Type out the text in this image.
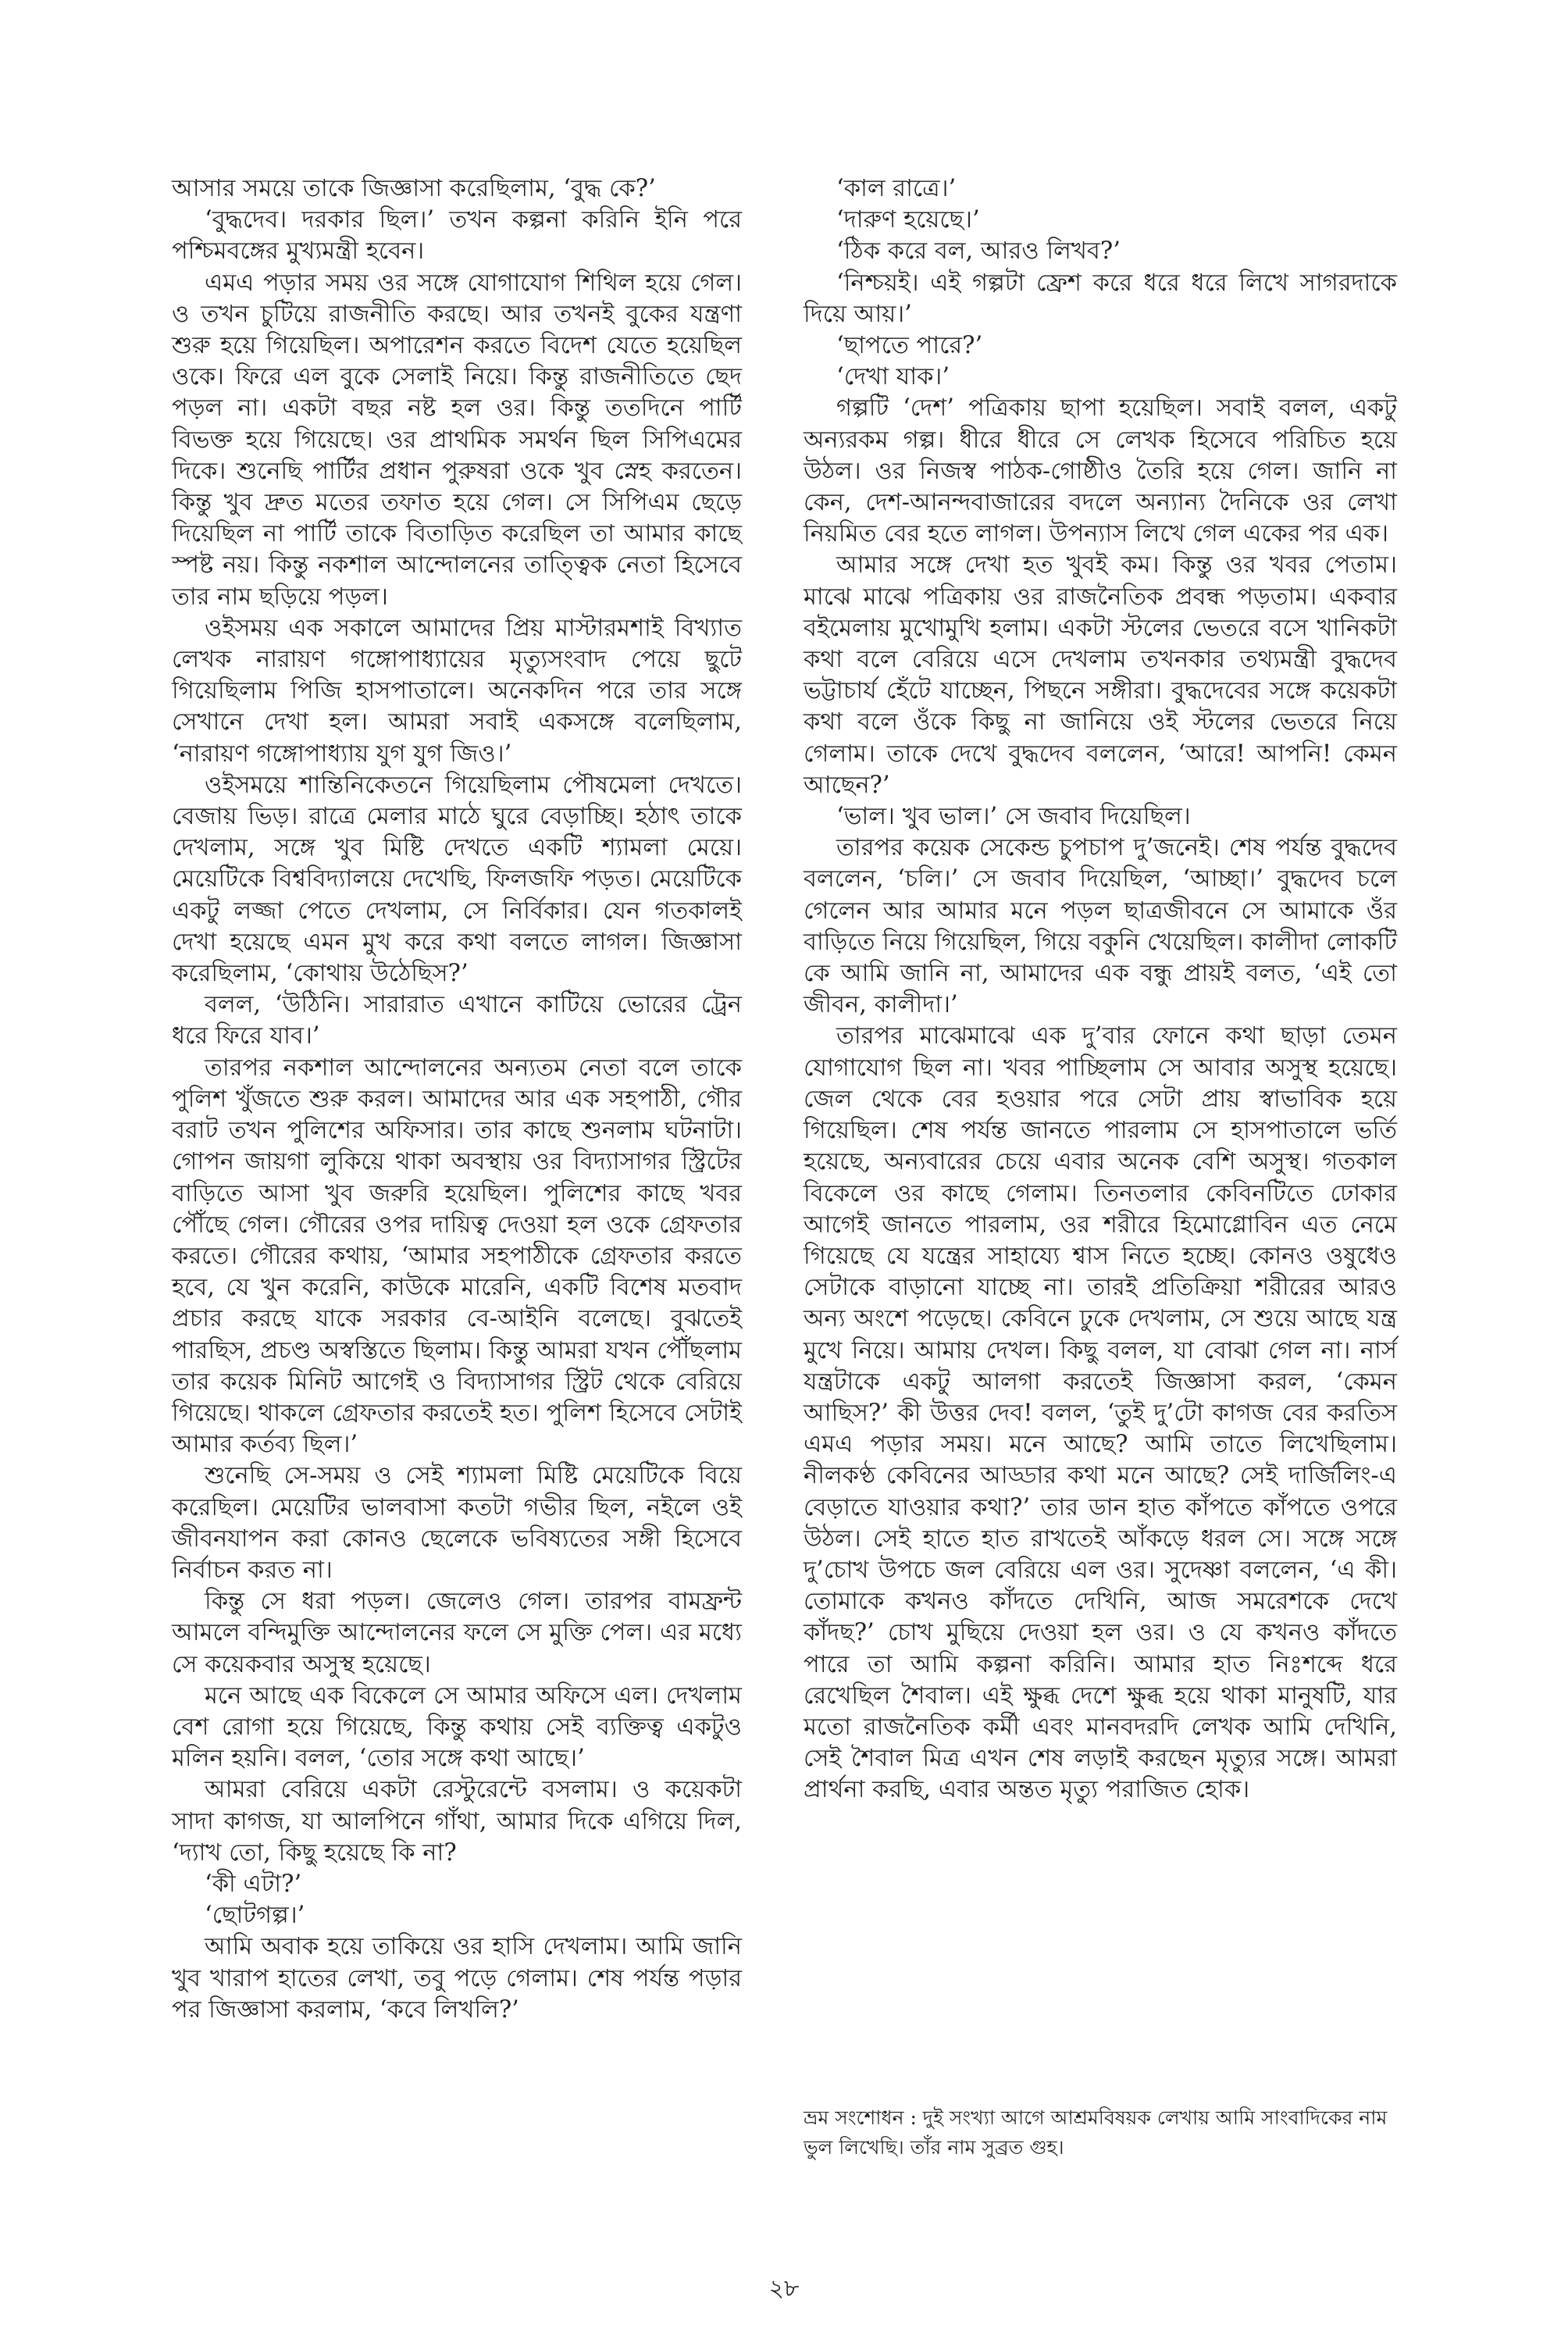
আসার সময়ে তাকে জিজ্ঞাসা করেছিলাম, ‘বুদ্ধ কে?’

‘বুদ্ধদেব। দরকার ছিল।’ তখন কল্পনা করিনি ইনি পরে পশ্চিমবঙ্গের মুখ্যমন্ত্রী হবেন।

এমএ পড়ার সময় ওর সঙ্গে যোগাযোগ শিথিল হয়ে গেল। ও তখন চুটিয়ে রাজনীতি করছে। আর তখনই বুকের যন্ত্রণা শুরু হয়ে গিয়েছিল। অপারেশন করতে বিদেশ যেতে হয়েছিল ওকে। ফিরে এল বুকে সেলাই নিয়ে। কিন্তু রাজনীতিতে ছেদ পড়ল না। একটা বছর নষ্ট হল ওর। কিন্তু ততদিনে পার্টি বিভক্ত হয়ে গিয়েছে। ওর প্রাথমিক সমর্থন ছিল সিপিএমের দিকে। শুনেছি পার্টির প্রধান পুরুষরা ওকে খুব স্নেহ করতেন। কিন্তু খুব দ্রুত মতের তফাত হয়ে গেল। সে সিপিএম ছেড়ে দিয়েছিল না পার্টি তাকে বিতাড়িত করেছিল তা আমার কাছে স্পষ্ট নয়। কিন্তু নকশাল আন্দোলনের তাত্ত্বিক নেতা হিসেবে তার নাম ছড়িয়ে পড়ল।

ওইসময় এক সকালে আমাদের প্রিয় মাস্টারমশাই বিখ্যাত লেখক নারায়ণ গঙ্গোপাধ্যায়ের মৃত্যুসংবাদ পেয়ে ছুটে গিয়েছিলাম পিজি হাসপাতালে। অনেকদিন পরে তার সঙ্গে সেখানে দেখা হল। আমরা সবাই একসঙ্গে বলেছিলাম, ‘নারায়ণ গঙ্গোপাধ্যায় যুগ যুগ জিও।’

ওইসময়ে শান্তিনিকেতনে গিয়েছিলাম পৌষমেলা দেখতে। বেজায় ভিড়। রাত্রে মেলার মাঠে ঘুরে বেড়াচ্ছি। হঠাৎ তাকে দেখলাম, সঙ্গে খুব মিষ্টি দেখতে একটি শ্যামলা মেয়ে। মেয়েটিকে বিশ্ববিদ্যালয়ে দেখেছি, ফিলজফি পড়ত। মেয়েটিকে একটু লজ্জা পেতে দেখলাম, সে নির্বিকার। যেন গতকালই দেখা হয়েছে এমন মুখ করে কথা বলতে লাগল। জিজ্ঞাসা করেছিলাম, ‘কোথায় উঠেছিস?’

বলল, ‘উঠিনি। সারারাত এখানে কাটিয়ে ভোরের ট্রেন ধরে ফিরে যাব।’

তারপর নকশাল আন্দোলনের অন্যতম নেতা বলে তাকে পুলিশ খুঁজতে শুরু করল। আমাদের আর এক সহপাঠী, গৌর বরাট তখন পুলিশের অফিসার। তার কাছে শুনলাম ঘটনাটা। গোপন জায়গা লুকিয়ে থাকা অবস্থায় ওর বিদ্যাসাগর স্ট্রিটের বাড়িতে আসা খুব জরুরি হয়েছিল। পুলিশের কাছে খবর পৌঁছে গেল। গৌরের ওপর দায়িত্ব দেওয়া হল ওকে গ্রেফতার করতে। গৌরের কথায়, ‘আমার সহপাঠীকে গ্রেফতার করতে হবে, যে খুন করেনি, কাউকে মারেনি, একটি বিশেষ মতবাদ প্রচার করছে যাকে সরকার বে-আইনি বলেছে। বুঝতেই পারছিস, প্রচণ্ড অস্বস্তিতে ছিলাম। কিন্তু আমরা যখন পৌঁছলাম তার কয়েক মিনিট আগেই ও বিদ্যাসাগর স্ট্রিট থেকে বেরিয়ে গিয়েছে। থাকলে গ্রেফতার করতেই হত। পুলিশ হিসেবে সেটাই আমার কর্তব্য ছিল।’

শুনেছি সে-সময় ও সেই শ্যামলা মিষ্টি মেয়েটিকে বিয়ে করেছিল। মেয়েটির ভালবাসা কতটা গভীর ছিল, নইলে ওই জীবনযাপন করা কোনও ছেলেকে ভবিষ্যতের সঙ্গী হিসেবে নির্বাচন করত না।

কিন্তু সে ধরা পড়ল। জেলেও গেল। তারপর বামফ্রন্ট আমলে বন্দিমুক্তি আন্দোলনের ফলে সে মুক্তি পেল। এর মধ্যে সে কয়েকবার অসুস্থ হয়েছে।

মনে আছে এক বিকেলে সে আমার অফিসে এল। দেখলাম বেশ রোগা হয়ে গিয়েছে, কিন্তু কথায় সেই ব্যক্তিত্ব একটুও মলিন হয়নি। বলল, ‘তোর সঙ্গে কথা আছে।’

আমরা বেরিয়ে একটা রেস্টুরেন্টে বসলাম। ও কয়েকটা সাদা কাগজ, যা আলপিনে গাঁথা, আমার দিকে এগিয়ে দিল, ‘দ্যাখ তো, কিছু হয়েছে কি না?

‘কী এটা?’

‘ছোটগল্প।’

আমি অবাক হয়ে তাকিয়ে ওর হাসি দেখলাম। আমি জানি খুব খারাপ হাতের লেখা, তবু পড়ে গেলাম। শেষ পর্যন্ত পড়ার পর জিজ্ঞাসা করলাম, ‘কবে লিখলি?’

‘কাল রাত্রে।’

‘দারুণ হয়েছে।’

‘ঠিক করে বল, আরও লিখব?’

‘নিশ্চয়ই। এই গল্পটা ফ্রেশ করে ধরে ধরে লিখে সাগরদাকে দিয়ে আয়।’

‘ছাপতে পারে?’

‘দেখা যাক।’

গল্পটি ‘দেশ’ পত্রিকায় ছাপা হয়েছিল। সবাই বলল, একটু অন্যরকম গল্প। ধীরে ধীরে সে লেখক হিসেবে পরিচিত হয়ে উঠল। ওর নিজস্ব পাঠক-গোষ্ঠীও তৈরি হয়ে গেল। জানি না কেন, দেশ-আনন্দবাজারের বদলে অন্যান্য দৈনিকে ওর লেখা নিয়মিত বের হতে লাগল। উপন্যাস লিখে গেল একের পর এক।

আমার সঙ্গে দেখা হত খুবই কম। কিন্তু ওর খবর পেতাম। মাঝে মাঝে পত্রিকায় ওর রাজনৈতিক প্রবন্ধ পড়তাম। একবার বইমেলায় মুখোমুখি হলাম। একটা স্টলের ভেতরে বসে খানিকটা কথা বলে বেরিয়ে এসে দেখলাম তখনকার তথ্যমন্ত্রী বুদ্ধদেব ভট্টাচার্য হেঁটে যাচ্ছেন, পিছনে সঙ্গীরা। বুদ্ধদেবের সঙ্গে কয়েকটা কথা বলে ওঁকে কিছু না জানিয়ে ওই স্টলের ভেতরে নিয়ে গেলাম। তাকে দেখে বুদ্ধদেব বললেন, ‘আরে! আপনি! কেমন আছেন?’

‘ভাল। খুব ভাল।’ সে জবাব দিয়েছিল।

তারপর কয়েক সেকেন্ড চুপচাপ দু’জনেই। শেষ পর্যন্ত বুদ্ধদেব বললেন, ‘চলি।’ সে জবাব দিয়েছিল, ‘আচ্ছা।’ বুদ্ধদেব চলে গেলেন আর আমার মনে পড়ল ছাত্রজীবনে সে আমাকে ওঁর বাড়িতে নিয়ে গিয়েছিল, গিয়ে বকুনি খেয়েছিল। কালীদা লোকটি কে আমি জানি না, আমাদের এক বন্ধু প্রায়ই বলত, ‘এই তো জীবন, কালীদা।’

তারপর মাঝেমাঝে এক দু’বার ফোনে কথা ছাড়া তেমন যোগাযোগ ছিল না। খবর পাচ্ছিলাম সে আবার অসুস্থ হয়েছে। জেল থেকে বের হওয়ার পরে সেটা প্রায় স্বাভাবিক হয়ে গিয়েছিল। শেষ পর্যন্ত জানতে পারলাম সে হাসপাতালে ভর্তি হয়েছে, অন্যবারের চেয়ে এবার অনেক বেশি অসুস্থ। গতকাল বিকেলে ওর কাছে গেলাম। তিনতলার কেবিনটিতে ঢোকার আগেই জানতে পারলাম, ওর শরীরে হিমোগ্লোবিন এত নেমে গিয়েছে যে যন্ত্রের সাহায্যে শ্বাস নিতে হচ্ছে। কোনও ওষুধেও সেটাকে বাড়ানো যাচ্ছে না। তারই প্রতিক্রিয়া শরীরের আরও অন্য অংশে পড়েছে। কেবিনে ঢুকে দেখলাম, সে শুয়ে আছে যন্ত্র মুখে নিয়ে। আমায় দেখল। কিছু বলল, যা বোঝা গেল না। নার্স যন্ত্রটাকে একটু আলগা করতেই জিজ্ঞাসা করল, ‘কেমন আছিস?’ কী উত্তর দেব! বলল, ‘তুই দু’টো কাগজ বের করতিস এমএ পড়ার সময়। মনে আছে? আমি তাতে লিখেছিলাম। নীলকণ্ঠ কেবিনের আড্ডার কথা মনে আছে? সেই দার্জিলিং-এ বেড়াতে যাওয়ার কথা?’ তার ডান হাত কাঁপতে কাঁপতে ওপরে উঠল। সেই হাতে হাত রাখতেই আঁকড়ে ধরল সে। সঙ্গে সঙ্গে দু’চোখ উপচে জল বেরিয়ে এল ওর। সুদেষ্ণা বললেন, ‘এ কী। তোমাকে কখনও কাঁদতে দেখিনি, আজ সমরেশকে দেখে কাঁদছ?’ চোখ মুছিয়ে দেওয়া হল ওর। ও যে কখনও কাঁদতে পারে তা আমি কল্পনা করিনি। আমার হাত নিঃশব্দে ধরে রেখেছিল শৈবাল। এই ক্ষুব্ধ দেশে ক্ষুব্ধ হয়ে থাকা মানুষটি, যার মতো রাজনৈতিক কর্মী এবং মানবদরদি লেখক আমি দেখিনি, সেই শৈবাল মিত্র এখন শেষ লড়াই করছেন মৃত্যুর সঙ্গে। আমরা প্রার্থনা করছি, এবার অন্তত মৃত্যু পরাজিত হোক।

ভ্রম সংশোধন : দুই সংখ্যা আগে আশ্রমবিষয়ক লেখায় আমি সাংবাদিকের নাম ভুল লিখেছি। তাঁর নাম সুব্রত গুহ।

২৮
